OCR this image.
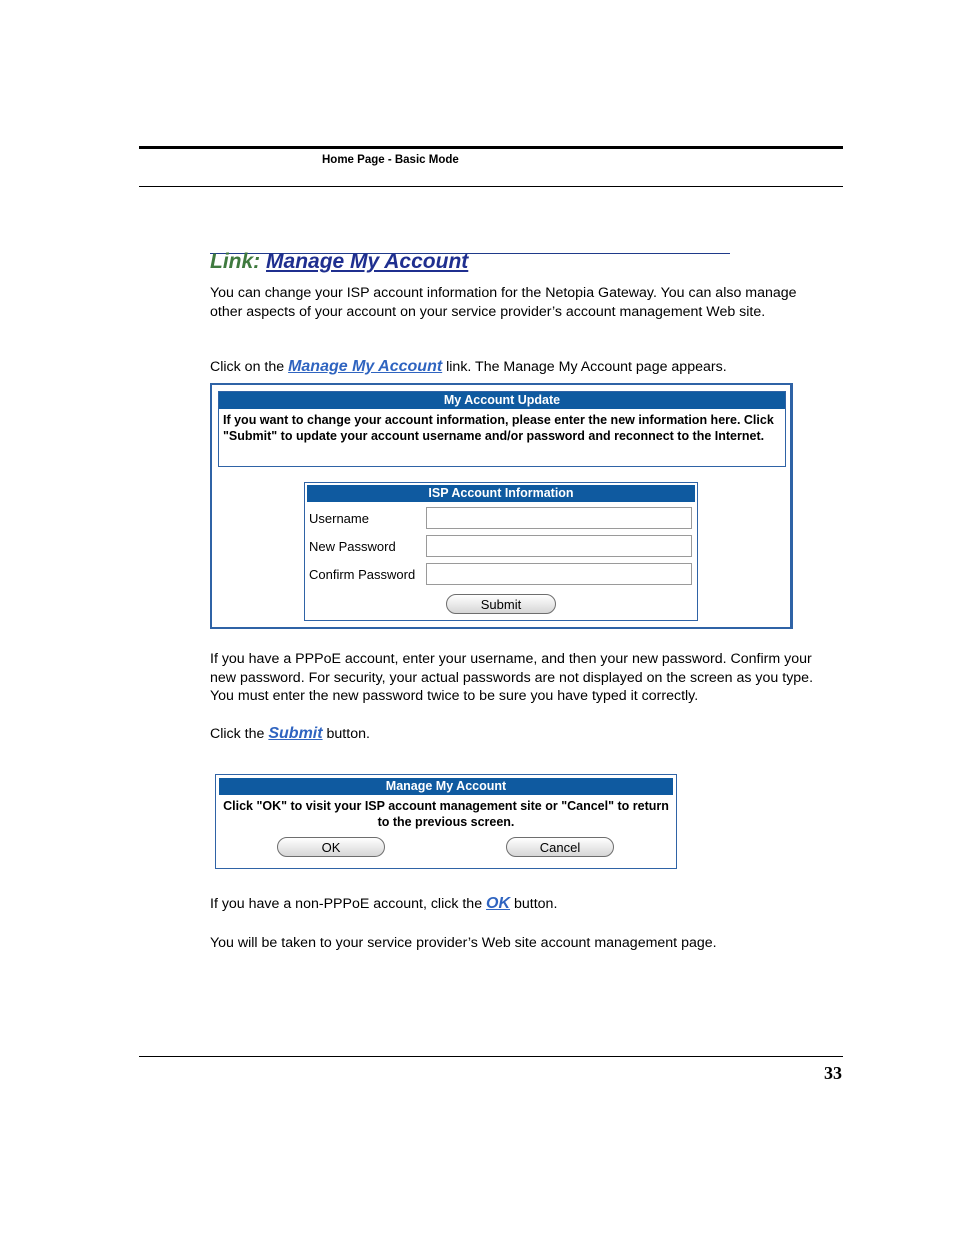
Home Page - Basic Mode
Link: Manage My Account
You can change your ISP account information for the Netopia Gateway. You can also manage other aspects of your account on your service provider’s account management Web site.
Click on the Manage My Account link. The Manage My Account page appears.
My Account Update
If you want to change your account information, please enter the new information here. Click "Submit" to update your account username and/or password and reconnect to the Internet.
ISP Account Information
Username
New Password
Confirm Password
Submit
If you have a PPPoE account, enter your username, and then your new password. Confirm your new password. For security, your actual passwords are not displayed on the screen as you type. You must enter the new password twice to be sure you have typed it correctly.
Click the Submit button.
Manage My Account
Click "OK" to visit your ISP account management site or "Cancel" to return to the previous screen.
OK	Cancel
If you have a non-PPPoE account, click the OK button.
You will be taken to your service provider’s Web site account management page.
33
